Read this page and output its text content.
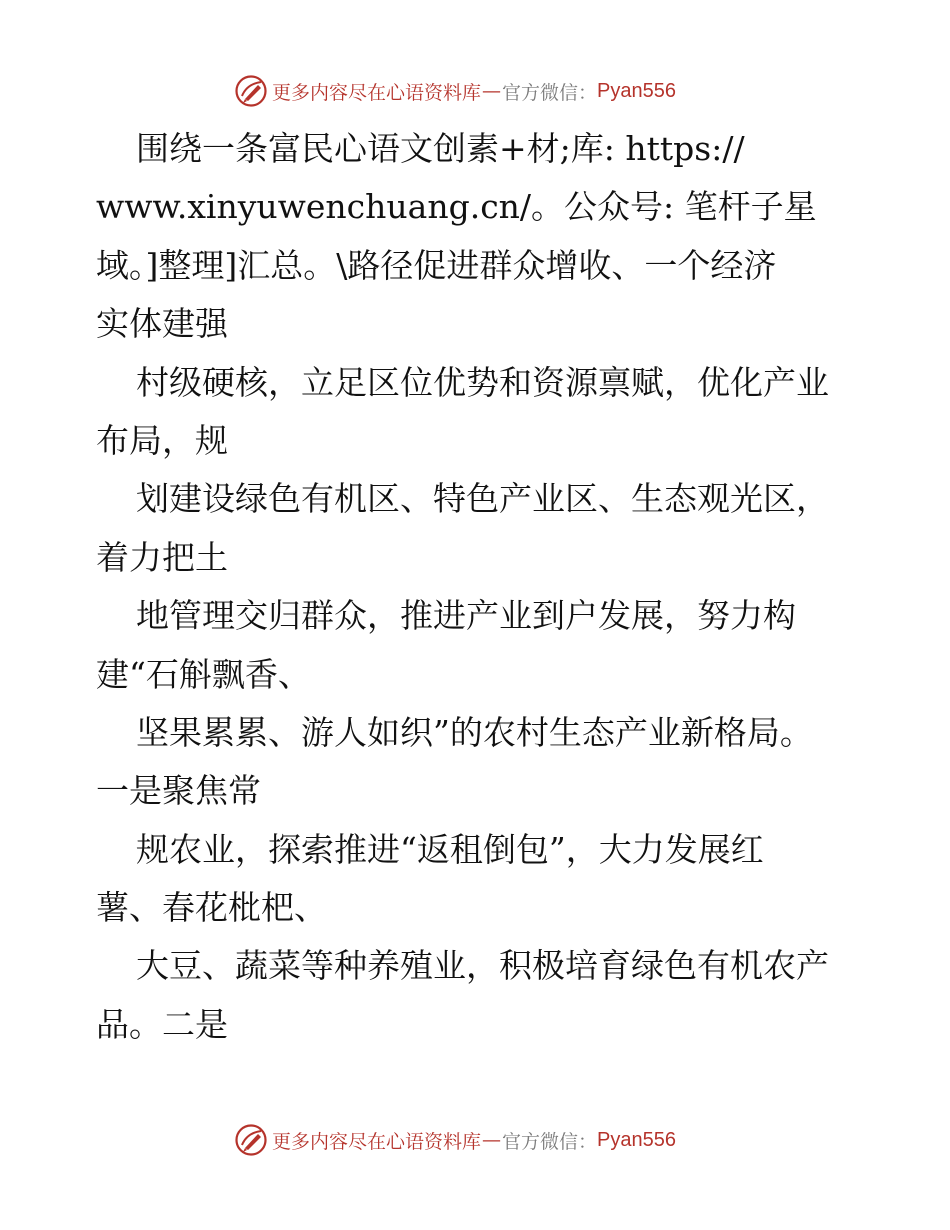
更多内容尽在心语资料库 — 官方微信： Pyan556
围绕一条富民心语文创素+材;库: https://
www.xinyuwenchuang.cn/。公众号: 笔杆子星
域。]整理]汇总。\路径促进群众增收、一个经济
实体建强
村级硬核，立足区位优势和资源禀赋，优化产业
布局，规
划建设绿色有机区、特色产业区、生态观光区，
着力把土
地管理交归群众，推进产业到户发展，努力构
建“石斛飘香、
坚果累累、游人如织”的农村生态产业新格局。
一是聚焦常
规农业，探索推进“返租倒包”，大力发展红
薯、春花枇杷、
大豆、蔬菜等种养殖业，积极培育绿色有机农产
品。二是
更多内容尽在心语资料库 — 官方微信： Pyan556
